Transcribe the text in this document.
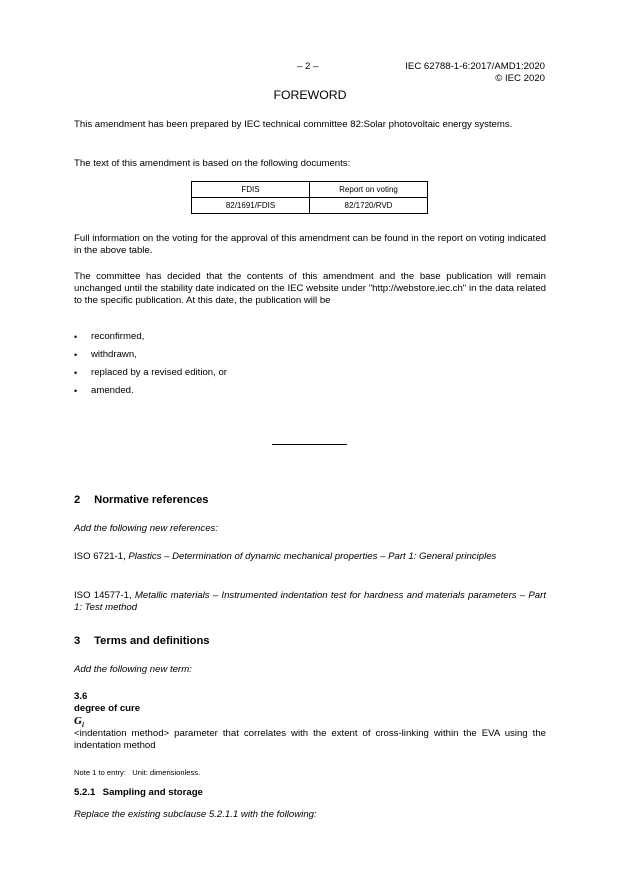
– 2 –	IEC 62788-1-6:2017/AMD1:2020
© IEC 2020
FOREWORD
This amendment has been prepared by IEC technical committee 82:Solar photovoltaic energy systems.
The text of this amendment is based on the following documents:
FDIS	Report on voting
82/1691/FDIS	82/1720/RVD
Full information on the voting for the approval of this amendment can be found in the report on voting indicated in the above table.
The committee has decided that the contents of this amendment and the base publication will remain unchanged until the stability date indicated on the IEC website under "http://webstore.iec.ch" in the data related to the specific publication. At this date, the publication will be
• reconfirmed,
• withdrawn,
• replaced by a revised edition, or
• amended.
2 Normative references
Add the following new references:
ISO 6721-1, Plastics – Determination of dynamic mechanical properties – Part 1: General principles
ISO 14577-1, Metallic materials – Instrumented indentation test for hardness and materials parameters – Part 1: Test method
3 Terms and definitions
Add the following new term:
3.6
degree of cure
$G_i$
<indentation method> parameter that correlates with the extent of cross-linking within the EVA using the indentation method
Note 1 to entry: Unit: dimensionless.
5.2.1 Sampling and storage
Replace the existing subclause 5.2.1.1 with the following:
